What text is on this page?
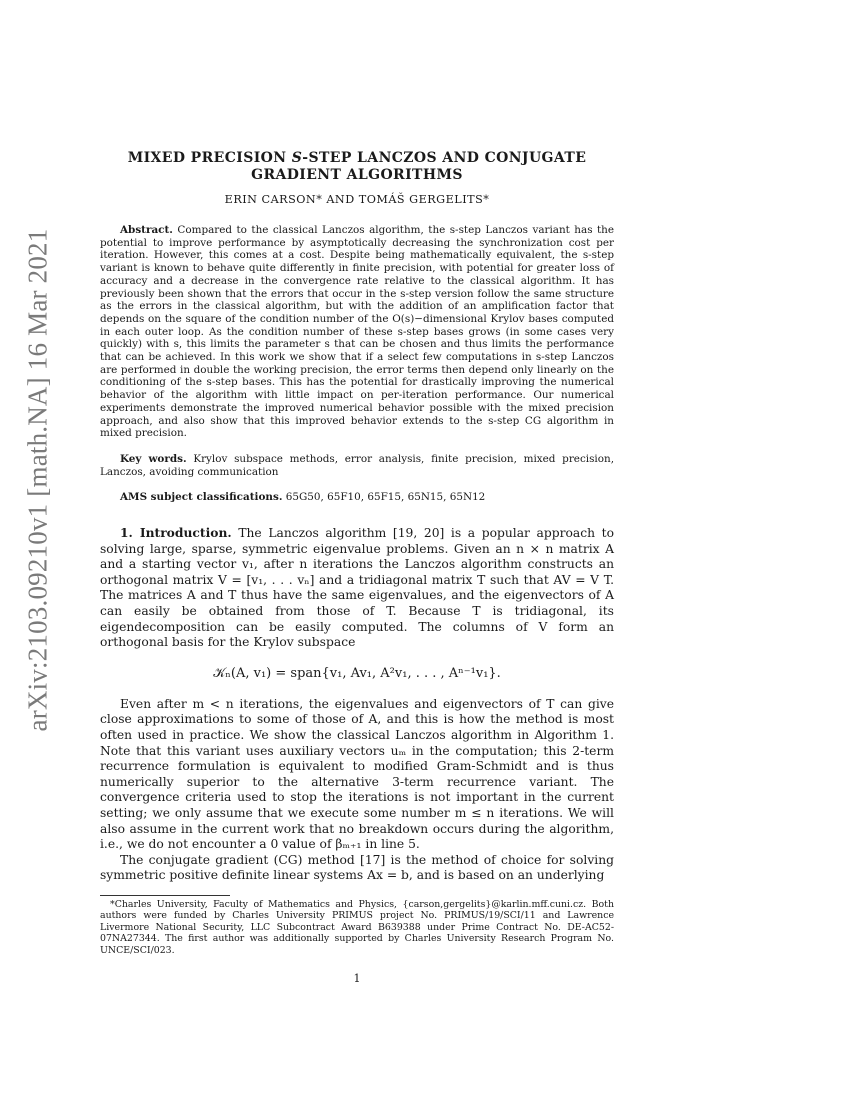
arXiv:2103.09210v1 [math.NA] 16 Mar 2021
MIXED PRECISION S-STEP LANCZOS AND CONJUGATE
GRADIENT ALGORITHMS
ERIN CARSON* AND TOMÁŠ GERGELITS*

Abstract. Compared to the classical Lanczos algorithm, the s-step Lanczos variant has the potential to improve performance by asymptotically decreasing the synchronization cost per iteration. However, this comes at a cost. Despite being mathematically equivalent, the s-step variant is known to behave quite differently in finite precision, with potential for greater loss of accuracy and a decrease in the convergence rate relative to the classical algorithm. It has previously been shown that the errors that occur in the s-step version follow the same structure as the errors in the classical algorithm, but with the addition of an amplification factor that depends on the square of the condition number of the O(s)−dimensional Krylov bases computed in each outer loop. As the condition number of these s-step bases grows (in some cases very quickly) with s, this limits the parameter s that can be chosen and thus limits the performance that can be achieved. In this work we show that if a select few computations in s-step Lanczos are performed in double the working precision, the error terms then depend only linearly on the conditioning of the s-step bases. This has the potential for drastically improving the numerical behavior of the algorithm with little impact on per-iteration performance. Our numerical experiments demonstrate the improved numerical behavior possible with the mixed precision approach, and also show that this improved behavior extends to the s-step CG algorithm in mixed precision.

Key words. Krylov subspace methods, error analysis, finite precision, mixed precision, Lanczos, avoiding communication

AMS subject classifications. 65G50, 65F10, 65F15, 65N15, 65N12

1. Introduction. The Lanczos algorithm [19, 20] is a popular approach to solving large, sparse, symmetric eigenvalue problems. Given an n × n matrix A and a starting vector v₁, after n iterations the Lanczos algorithm constructs an orthogonal matrix V = [v₁, . . . vₙ] and a tridiagonal matrix T such that AV = V T. The matrices A and T thus have the same eigenvalues, and the eigenvectors of A can easily be obtained from those of T. Because T is tridiagonal, its eigendecomposition can be easily computed. The columns of V form an orthogonal basis for the Krylov subspace

𝒦ₙ(A, v₁) = span{v₁, Av₁, A²v₁, . . . , Aⁿ⁻¹v₁}.

Even after m < n iterations, the eigenvalues and eigenvectors of T can give close approximations to some of those of A, and this is how the method is most often used in practice. We show the classical Lanczos algorithm in Algorithm 1. Note that this variant uses auxiliary vectors uₘ in the computation; this 2-term recurrence formulation is equivalent to modified Gram-Schmidt and is thus numerically superior to the alternative 3-term recurrence variant. The convergence criteria used to stop the iterations is not important in the current setting; we only assume that we execute some number m ≤ n iterations. We will also assume in the current work that no breakdown occurs during the algorithm, i.e., we do not encounter a 0 value of βₘ₊₁ in line 5.

The conjugate gradient (CG) method [17] is the method of choice for solving symmetric positive definite linear systems Ax = b, and is based on an underlying

*Charles University, Faculty of Mathematics and Physics, {carson,gergelits}@karlin.mff.cuni.cz. Both authors were funded by Charles University PRIMUS project No. PRIMUS/19/SCI/11 and Lawrence Livermore National Security, LLC Subcontract Award B639388 under Prime Contract No. DE-AC52-07NA27344. The first author was additionally supported by Charles University Research Program No. UNCE/SCI/023.

1
